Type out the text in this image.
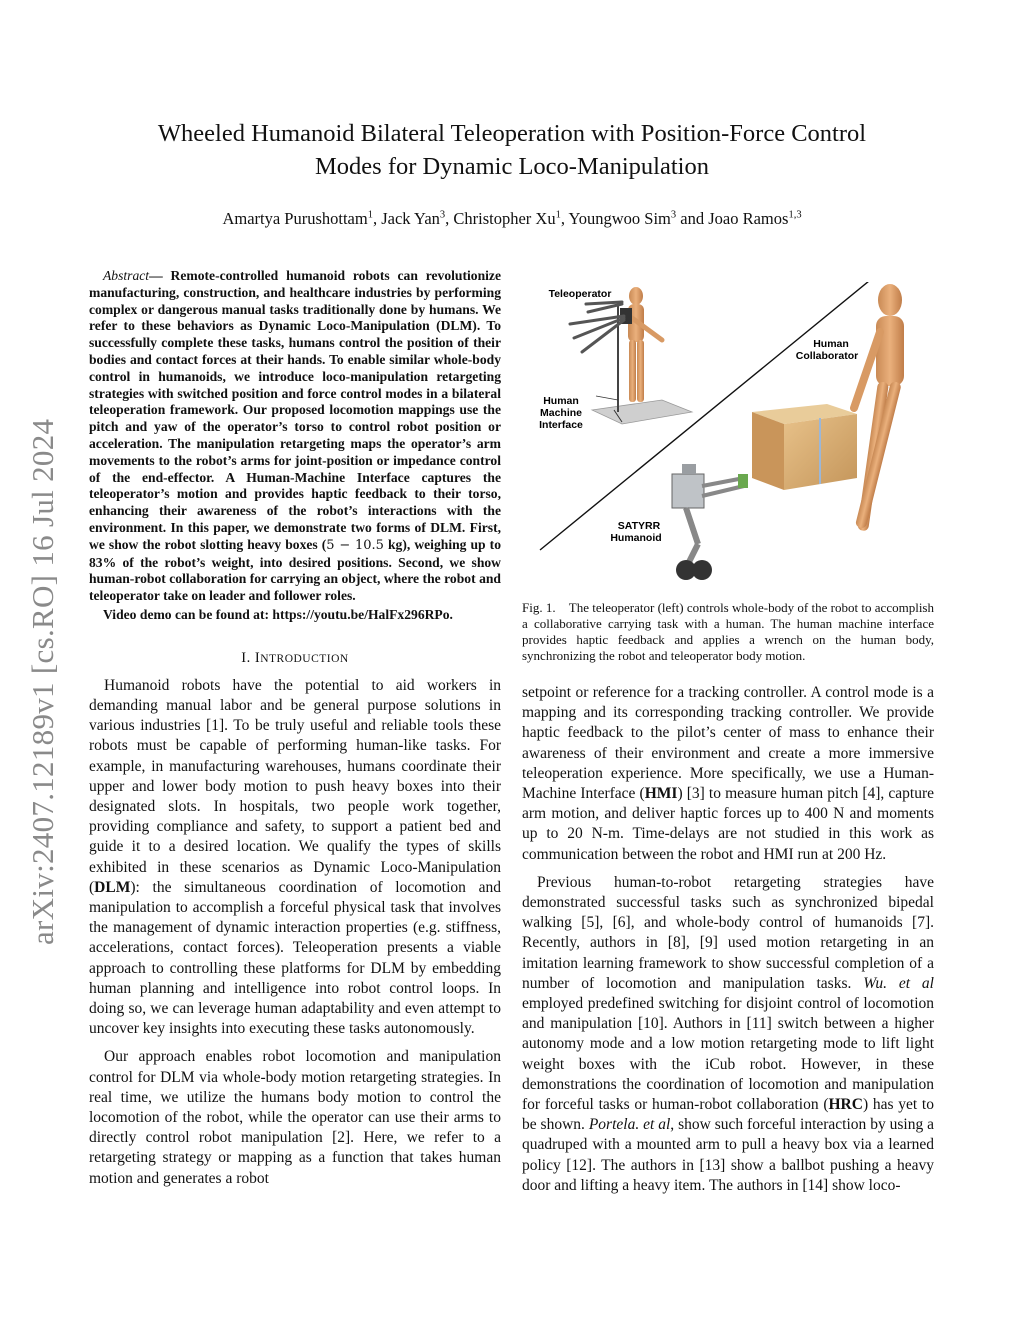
arXiv:2407.12189v1 [cs.RO] 16 Jul 2024
Wheeled Humanoid Bilateral Teleoperation with Position-Force Control
Modes for Dynamic Loco-Manipulation
Amartya Purushottam$^1$, Jack Yan$^3$, Christopher Xu$^1$, Youngwoo Sim$^3$ and Joao Ramos$^{1,3}$

Abstract— Remote-controlled humanoid robots can revolutionize manufacturing, construction, and healthcare industries by performing complex or dangerous manual tasks traditionally done by humans. We refer to these behaviors as Dynamic Loco-Manipulation (DLM). To successfully complete these tasks, humans control the position of their bodies and contact forces at their hands. To enable similar whole-body control in humanoids, we introduce loco-manipulation retargeting strategies with switched position and force control modes in a bilateral teleoperation framework. Our proposed locomotion mappings use the pitch and yaw of the operator’s torso to control robot position or acceleration. The manipulation retargeting maps the operator’s arm movements to the robot’s arms for joint-position or impedance control of the end-effector. A Human-Machine Interface captures the teleoperator’s motion and provides haptic feedback to their torso, enhancing their awareness of the robot’s interactions with the environment. In this paper, we demonstrate two forms of DLM. First, we show the robot slotting heavy boxes (5 − 10.5 kg), weighing up to 83% of the robot’s weight, into desired positions. Second, we show human-robot collaboration for carrying an object, where the robot and teleoperator take on leader and follower roles.

Video demo can be found at: https://youtu.be/HalFx296RPo.

I. INTRODUCTION

Humanoid robots have the potential to aid workers in demanding manual labor and be general purpose solutions in various industries [1]. To be truly useful and reliable tools these robots must be capable of performing human-like tasks. For example, in manufacturing warehouses, humans coordinate their upper and lower body motion to push heavy boxes into their designated slots. In hospitals, two people work together, providing compliance and safety, to support a patient bed and guide it to a desired location. We qualify the types of skills exhibited in these scenarios as Dynamic Loco-Manipulation (DLM): the simultaneous coordination of locomotion and manipulation to accomplish a forceful physical task that involves the management of dynamic interaction properties (e.g. stiffness, accelerations, contact forces). Teleoperation presents a viable approach to controlling these platforms for DLM by embedding human planning and intelligence into robot control loops. In doing so, we can leverage human adaptability and even attempt to uncover key insights into executing these tasks autonomously.

Our approach enables robot locomotion and manipulation control for DLM via whole-body motion retargeting strategies. In real time, we utilize the humans body motion to control the locomotion of the robot, while the operator can use their arms to directly control robot manipulation [2]. Here, we refer to a retargeting strategy or mapping as a function that takes human motion and generates a robot

Teleoperator
Human
Machine
Interface
Human
Collaborator
SATYRR
Humanoid
Fig. 1. The teleoperator (left) controls whole-body of the robot to accomplish a collaborative carrying task with a human. The human machine interface provides haptic feedback and applies a wrench on the human body, synchronizing the robot and teleoperator body motion.

setpoint or reference for a tracking controller. A control mode is a mapping and its corresponding tracking controller. We provide haptic feedback to the pilot’s center of mass to enhance their awareness of their environment and create a more immersive teleoperation experience. More specifically, we use a Human-Machine Interface (HMI) [3] to measure human pitch [4], capture arm motion, and deliver haptic forces up to 400 N and moments up to 20 N-m. Time-delays are not studied in this work as communication between the robot and HMI run at 200 Hz.

Previous human-to-robot retargeting strategies have demonstrated successful tasks such as synchronized bipedal walking [5], [6], and whole-body control of humanoids [7]. Recently, authors in [8], [9] used motion retargeting in an imitation learning framework to show successful completion of a number of locomotion and manipulation tasks. Wu. et al employed predefined switching for disjoint control of locomotion and manipulation [10]. Authors in [11] switch between a higher autonomy mode and a low motion retargeting mode to lift light weight boxes with the iCub robot. However, in these demonstrations the coordination of locomotion and manipulation for forceful tasks or human-robot collaboration (HRC) has yet to be shown. Portela. et al, show such forceful interaction by using a quadruped with a mounted arm to pull a heavy box via a learned policy [12]. The authors in [13] show a ballbot pushing a heavy door and lifting a heavy item. The authors in [14] show loco-
